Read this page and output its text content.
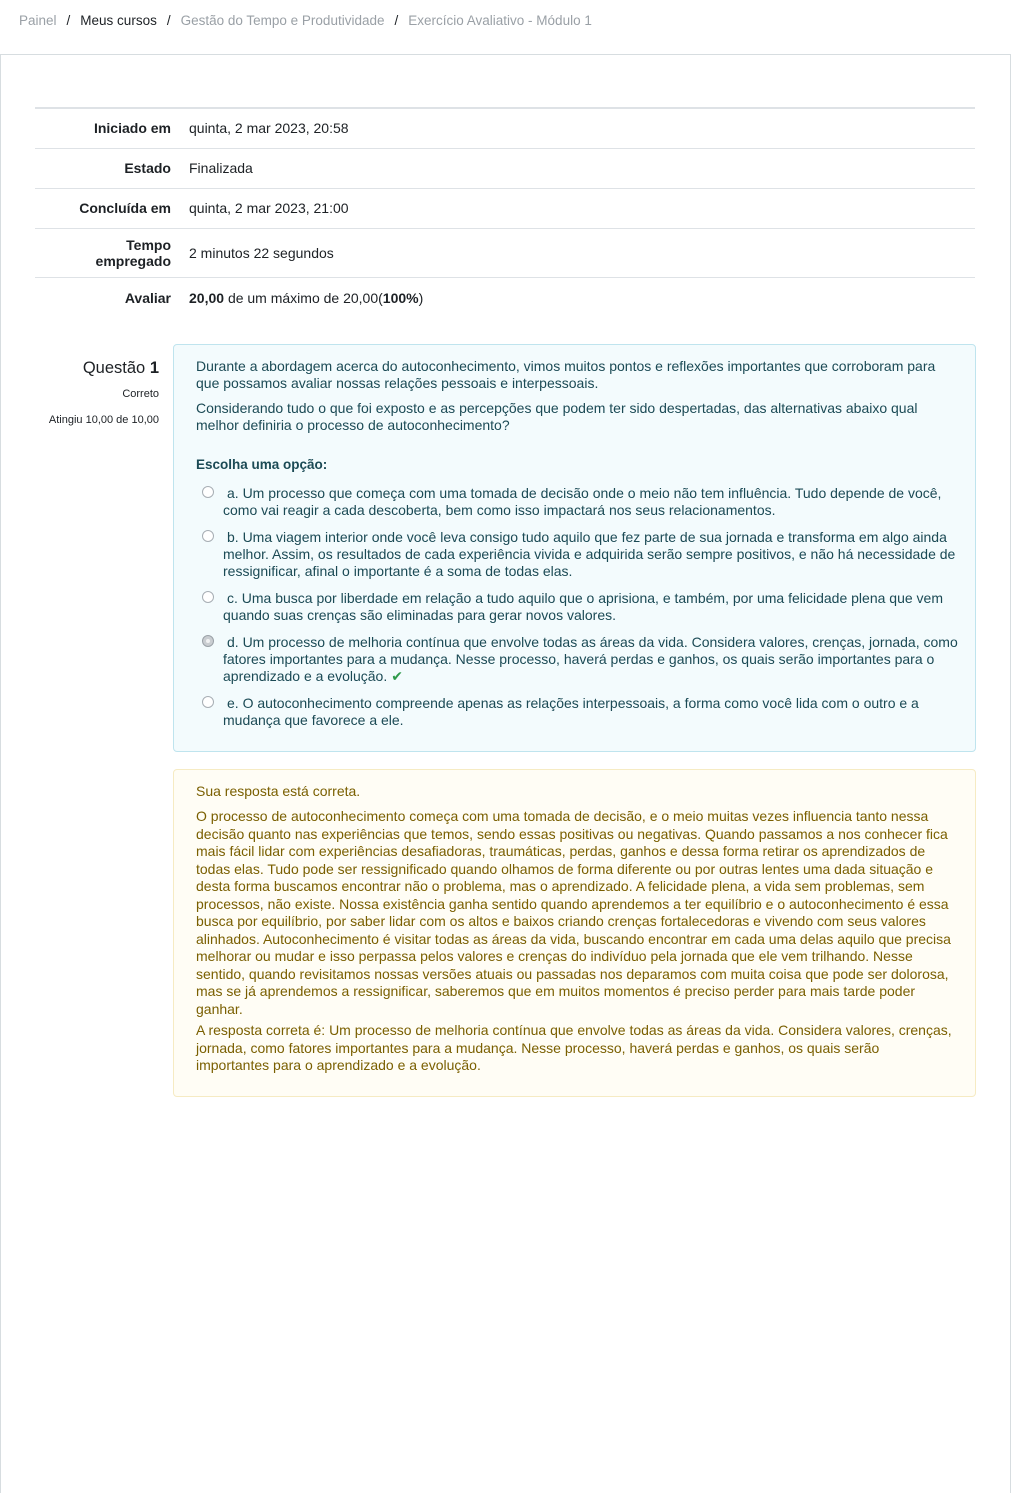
Painel / Meus cursos / Gestão do Tempo e Produtividade / Exercício Avaliativo - Módulo 1
Iniciado em	quinta, 2 mar 2023, 20:58
Estado	Finalizada
Concluída em	quinta, 2 mar 2023, 21:00
Tempo
empregado	2 minutos 22 segundos
Avaliar	20,00 de um máximo de 20,00(100%)
Questão 1
Correto
Atingiu 10,00 de 10,00

Durante a abordagem acerca do autoconhecimento, vimos muitos pontos e reflexões importantes que corroboram para que possamos avaliar nossas relações pessoais e interpessoais.

Considerando tudo o que foi exposto e as percepções que podem ter sido despertadas, das alternativas abaixo qual melhor definiria o processo de autoconhecimento?

Escolha uma opção:
a. Um processo que começa com uma tomada de decisão onde o meio não tem influência. Tudo depende de você, como vai reagir a cada descoberta, bem como isso impactará nos seus relacionamentos.
b. Uma viagem interior onde você leva consigo tudo aquilo que fez parte de sua jornada e transforma em algo ainda melhor. Assim, os resultados de cada experiência vivida e adquirida serão sempre positivos, e não há necessidade de ressignificar, afinal o importante é a soma de todas elas.
c. Uma busca por liberdade em relação a tudo aquilo que o aprisiona, e também, por uma felicidade plena que vem quando suas crenças são eliminadas para gerar novos valores.
d. Um processo de melhoria contínua que envolve todas as áreas da vida. Considera valores, crenças, jornada, como fatores importantes para a mudança. Nesse processo, haverá perdas e ganhos, os quais serão importantes para o aprendizado e a evolução. ✔
e. O autoconhecimento compreende apenas as relações interpessoais, a forma como você lida com o outro e a mudança que favorece a ele.

Sua resposta está correta.

O processo de autoconhecimento começa com uma tomada de decisão, e o meio muitas vezes influencia tanto nessa decisão quanto nas experiências que temos, sendo essas positivas ou negativas. Quando passamos a nos conhecer fica mais fácil lidar com experiências desafiadoras, traumáticas, perdas, ganhos e dessa forma retirar os aprendizados de todas elas. Tudo pode ser ressignificado quando olhamos de forma diferente ou por outras lentes uma dada situação e desta forma buscamos encontrar não o problema, mas o aprendizado. A felicidade plena, a vida sem problemas, sem processos, não existe. Nossa existência ganha sentido quando aprendemos a ter equilíbrio e o autoconhecimento é essa busca por equilíbrio, por saber lidar com os altos e baixos criando crenças fortalecedoras e vivendo com seus valores alinhados. Autoconhecimento é visitar todas as áreas da vida, buscando encontrar em cada uma delas aquilo que precisa melhorar ou mudar e isso perpassa pelos valores e crenças do indivíduo pela jornada que ele vem trilhando. Nesse sentido, quando revisitamos nossas versões atuais ou passadas nos deparamos com muita coisa que pode ser dolorosa, mas se já aprendemos a ressignificar, saberemos que em muitos momentos é preciso perder para mais tarde poder ganhar.

A resposta correta é: Um processo de melhoria contínua que envolve todas as áreas da vida. Considera valores, crenças, jornada, como fatores importantes para a mudança. Nesse processo, haverá perdas e ganhos, os quais serão importantes para o aprendizado e a evolução.
